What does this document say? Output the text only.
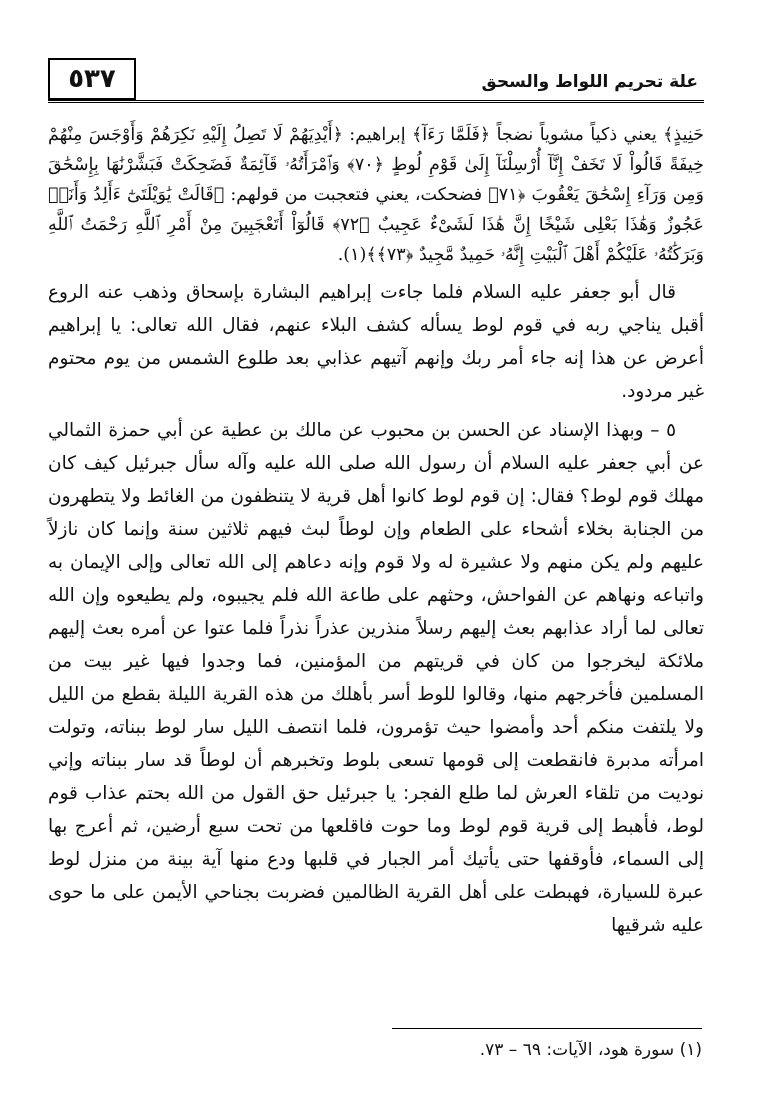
علة تحريم اللواط والسحق
٥٣٧

حَنِيذٍ﴾ يعني ذكياً مشوياً نضجاً ﴿فَلَمَّا رَءَآ﴾ إبراهيم: ﴿أَيْدِيَهُمْ لَا تَصِلُ إِلَيْهِ نَكِرَهُمْ وَأَوْجَسَ مِنْهُمْ خِيفَةً قَالُواْ لَا تَخَفْ إِنَّآ أُرْسِلْنَآ إِلَىٰ قَوْمِ لُوطٍ ﴿٧٠﴾ وَٱمْرَأَتُهُۥ قَآئِمَةٌ فَضَحِكَتْ فَبَشَّرْنَٰهَا بِإِسْحَٰقَ وَمِن وَرَآءِ إِسْحَٰقَ يَعْقُوبَ ﴿٧١﴾ فضحكت، يعني فتعجبت من قولهم: ﴿قَالَتْ يَٰوَيْلَتَىٰٓ ءَأَلِدُ وَأَنَا۠ عَجُوزٌ وَهَٰذَا بَعْلِى شَيْخًا إِنَّ هَٰذَا لَشَىْءٌ عَجِيبٌ ﴿٧٢﴾ قَالُوٓاْ أَتَعْجَبِينَ مِنْ أَمْرِ ٱللَّهِ رَحْمَتُ ٱللَّهِ وَبَرَكَٰتُهُۥ عَلَيْكُمْ أَهْلَ ٱلْبَيْتِ إِنَّهُۥ حَمِيدٌ مَّجِيدٌ ﴿٧٣﴾﴾(١).

قال أبو جعفر عليه السلام فلما جاءت إبراهيم البشارة بإسحاق وذهب عنه الروع أقبل يناجي ربه في قوم لوط يسأله كشف البلاء عنهم، فقال الله تعالى: يا إبراهيم أعرض عن هذا إنه جاء أمر ربك وإنهم آتيهم عذابي بعد طلوع الشمس من يوم محتوم غير مردود.

٥ – وبهذا الإسناد عن الحسن بن محبوب عن مالك بن عطية عن أبي حمزة الثمالي عن أبي جعفر عليه السلام أن رسول الله صلى الله عليه وآله سأل جبرئيل كيف كان مهلك قوم لوط؟ فقال: إن قوم لوط كانوا أهل قرية لا يتنظفون من الغائط ولا يتطهرون من الجنابة بخلاء أشحاء على الطعام وإن لوطاً لبث فيهم ثلاثين سنة وإنما كان نازلاً عليهم ولم يكن منهم ولا عشيرة له ولا قوم وإنه دعاهم إلى الله تعالى وإلى الإيمان به واتباعه ونهاهم عن الفواحش، وحثهم على طاعة الله فلم يجيبوه، ولم يطيعوه وإن الله تعالى لما أراد عذابهم بعث إليهم رسلاً منذرين عذراً نذراً فلما عتوا عن أمره بعث إليهم ملائكة ليخرجوا من كان في قريتهم من المؤمنين، فما وجدوا فيها غير بيت من المسلمين فأخرجهم منها، وقالوا للوط أسر بأهلك من هذه القرية الليلة بقطع من الليل ولا يلتفت منكم أحد وأمضوا حيث تؤمرون، فلما انتصف الليل سار لوط ببناته، وتولت امرأته مدبرة فانقطعت إلى قومها تسعى بلوط وتخبرهم أن لوطاً قد سار ببناته وإني نوديت من تلقاء العرش لما طلع الفجر: يا جبرئيل حق القول من الله بحتم عذاب قوم لوط، فأهبط إلى قرية قوم لوط وما حوت فاقلعها من تحت سبع أرضين، ثم أعرج بها إلى السماء، فأوقفها حتى يأتيك أمر الجبار في قلبها ودع منها آية بينة من منزل لوط عبرة للسيارة، فهبطت على أهل القرية الظالمين فضربت بجناحي الأيمن على ما حوى عليه شرقيها

(١) سورة هود، الآيات: ٦٩ – ٧٣.
